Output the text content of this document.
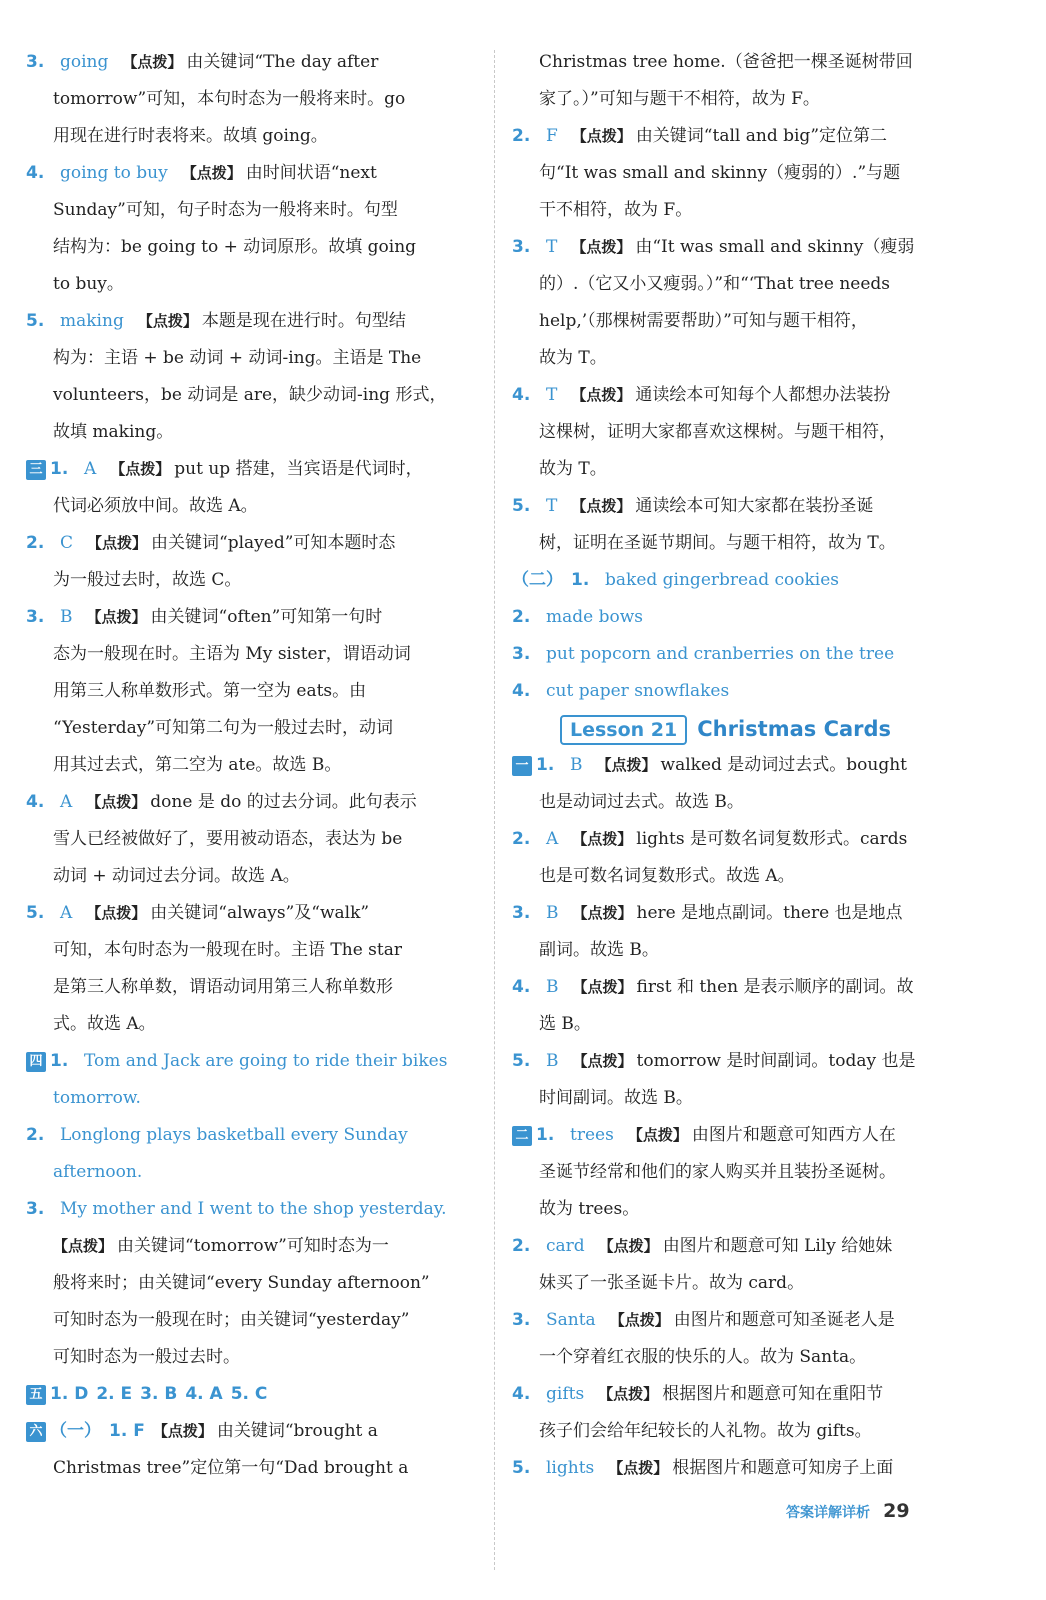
3. going 【点拨】 由关键词“The day after
tomorrow”可知，本句时态为一般将来时。go
用现在进行时表将来。故填 going。
4. going to buy 【点拨】 由时间状语“next
Sunday”可知，句子时态为一般将来时。句型
结构为：be going to + 动词原形。故填 going
to buy。
5. making 【点拨】 本题是现在进行时。句型结
构为：主语 + be 动词 + 动词-ing。主语是 The
volunteers，be 动词是 are，缺少动词-ing 形式，
故填 making。
三 1. A 【点拨】 put up 搭建，当宾语是代词时，
代词必须放中间。故选 A。
2. C 【点拨】 由关键词“played”可知本题时态
为一般过去时，故选 C。
3. B 【点拨】 由关键词“often”可知第一句时
态为一般现在时。主语为 My sister，谓语动词
用第三人称单数形式。第一空为 eats。由
“Yesterday”可知第二句为一般过去时，动词
用其过去式，第二空为 ate。故选 B。
4. A 【点拨】 done 是 do 的过去分词。此句表示
雪人已经被做好了，要用被动语态，表达为 be
动词 + 动词过去分词。故选 A。
5. A 【点拨】 由关键词“always”及“walk”
可知，本句时态为一般现在时。主语 The star
是第三人称单数，谓语动词用第三人称单数形
式。故选 A。
四 1. Tom and Jack are going to ride their bikes
tomorrow.
2. Longlong plays basketball every Sunday
afternoon.
3. My mother and I went to the shop yesterday.
【点拨】 由关键词“tomorrow”可知时态为一
般将来时；由关键词“every Sunday afternoon”
可知时态为一般现在时；由关键词“yesterday”
可知时态为一般过去时。
五 1. D 2. E 3. B 4. A 5. C
六 （一） 1. F 【点拨】 由关键词“brought a
Christmas tree”定位第一句“Dad brought a
Christmas tree home.（爸爸把一棵圣诞树带回
家了。）”可知与题干不相符，故为 F。
2. F 【点拨】 由关键词“tall and big”定位第二
句“It was small and skinny（瘦弱的）.”与题
干不相符，故为 F。
3. T 【点拨】 由“It was small and skinny（瘦弱
的）.（它又小又瘦弱。）”和“‘That tree needs
help,’（那棵树需要帮助）”可知与题干相符，
故为 T。
4. T 【点拨】 通读绘本可知每个人都想办法装扮
这棵树，证明大家都喜欢这棵树。与题干相符，
故为 T。
5. T 【点拨】 通读绘本可知大家都在装扮圣诞
树，证明在圣诞节期间。与题干相符，故为 T。
（二） 1. baked gingerbread cookies
2. made bows
3. put popcorn and cranberries on the tree
4. cut paper snowflakes
Lesson 21 Christmas Cards
一 1. B 【点拨】 walked 是动词过去式。bought
也是动词过去式。故选 B。
2. A 【点拨】 lights 是可数名词复数形式。cards
也是可数名词复数形式。故选 A。
3. B 【点拨】 here 是地点副词。there 也是地点
副词。故选 B。
4. B 【点拨】 first 和 then 是表示顺序的副词。故
选 B。
5. B 【点拨】 tomorrow 是时间副词。today 也是
时间副词。故选 B。
二 1. trees 【点拨】 由图片和题意可知西方人在
圣诞节经常和他们的家人购买并且装扮圣诞树。
故为 trees。
2. card 【点拨】 由图片和题意可知 Lily 给她妹
妹买了一张圣诞卡片。故为 card。
3. Santa 【点拨】 由图片和题意可知圣诞老人是
一个穿着红衣服的快乐的人。故为 Santa。
4. gifts 【点拨】 根据图片和题意可知在重阳节
孩子们会给年纪较长的人礼物。故为 gifts。
5. lights 【点拨】 根据图片和题意可知房子上面
答案详解详析 29
